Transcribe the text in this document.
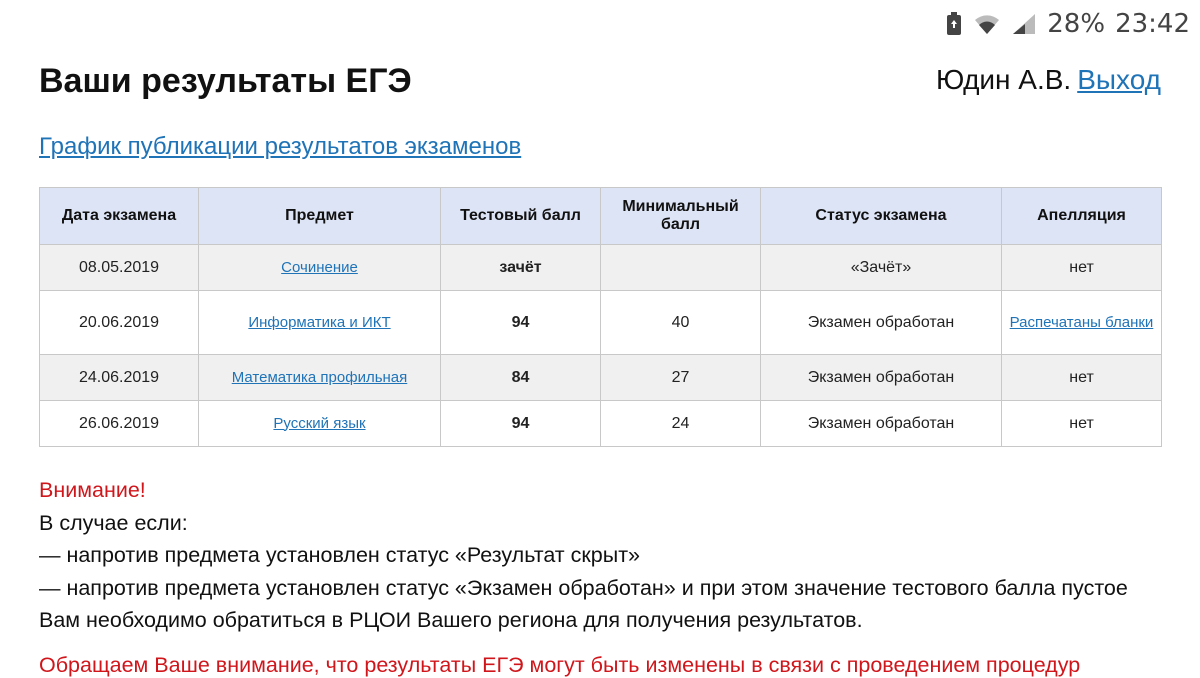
28% 23:42
Ваши результаты ЕГЭ	Юдин А.В. Выход
График публикации результатов экзаменов
Дата экзамена	Предмет	Тестовый балл	Минимальный балл	Статус экзамена	Апелляция
08.05.2019	Сочинение	зачёт		«Зачёт»	нет
20.06.2019	Информатика и ИКТ	94	40	Экзамен обработан	Распечатаны бланки
24.06.2019	Математика профильная	84	27	Экзамен обработан	нет
26.06.2019	Русский язык	94	24	Экзамен обработан	нет

Внимание!

В случае если:

— напротив предмета установлен статус «Результат скрыт»

— напротив предмета установлен статус «Экзамен обработан» и при этом значение тестового балла пустое

Вам необходимо обратиться в РЦОИ Вашего региона для получения результатов.

Обращаем Ваше внимание, что результаты ЕГЭ могут быть изменены в связи с проведением процедур
